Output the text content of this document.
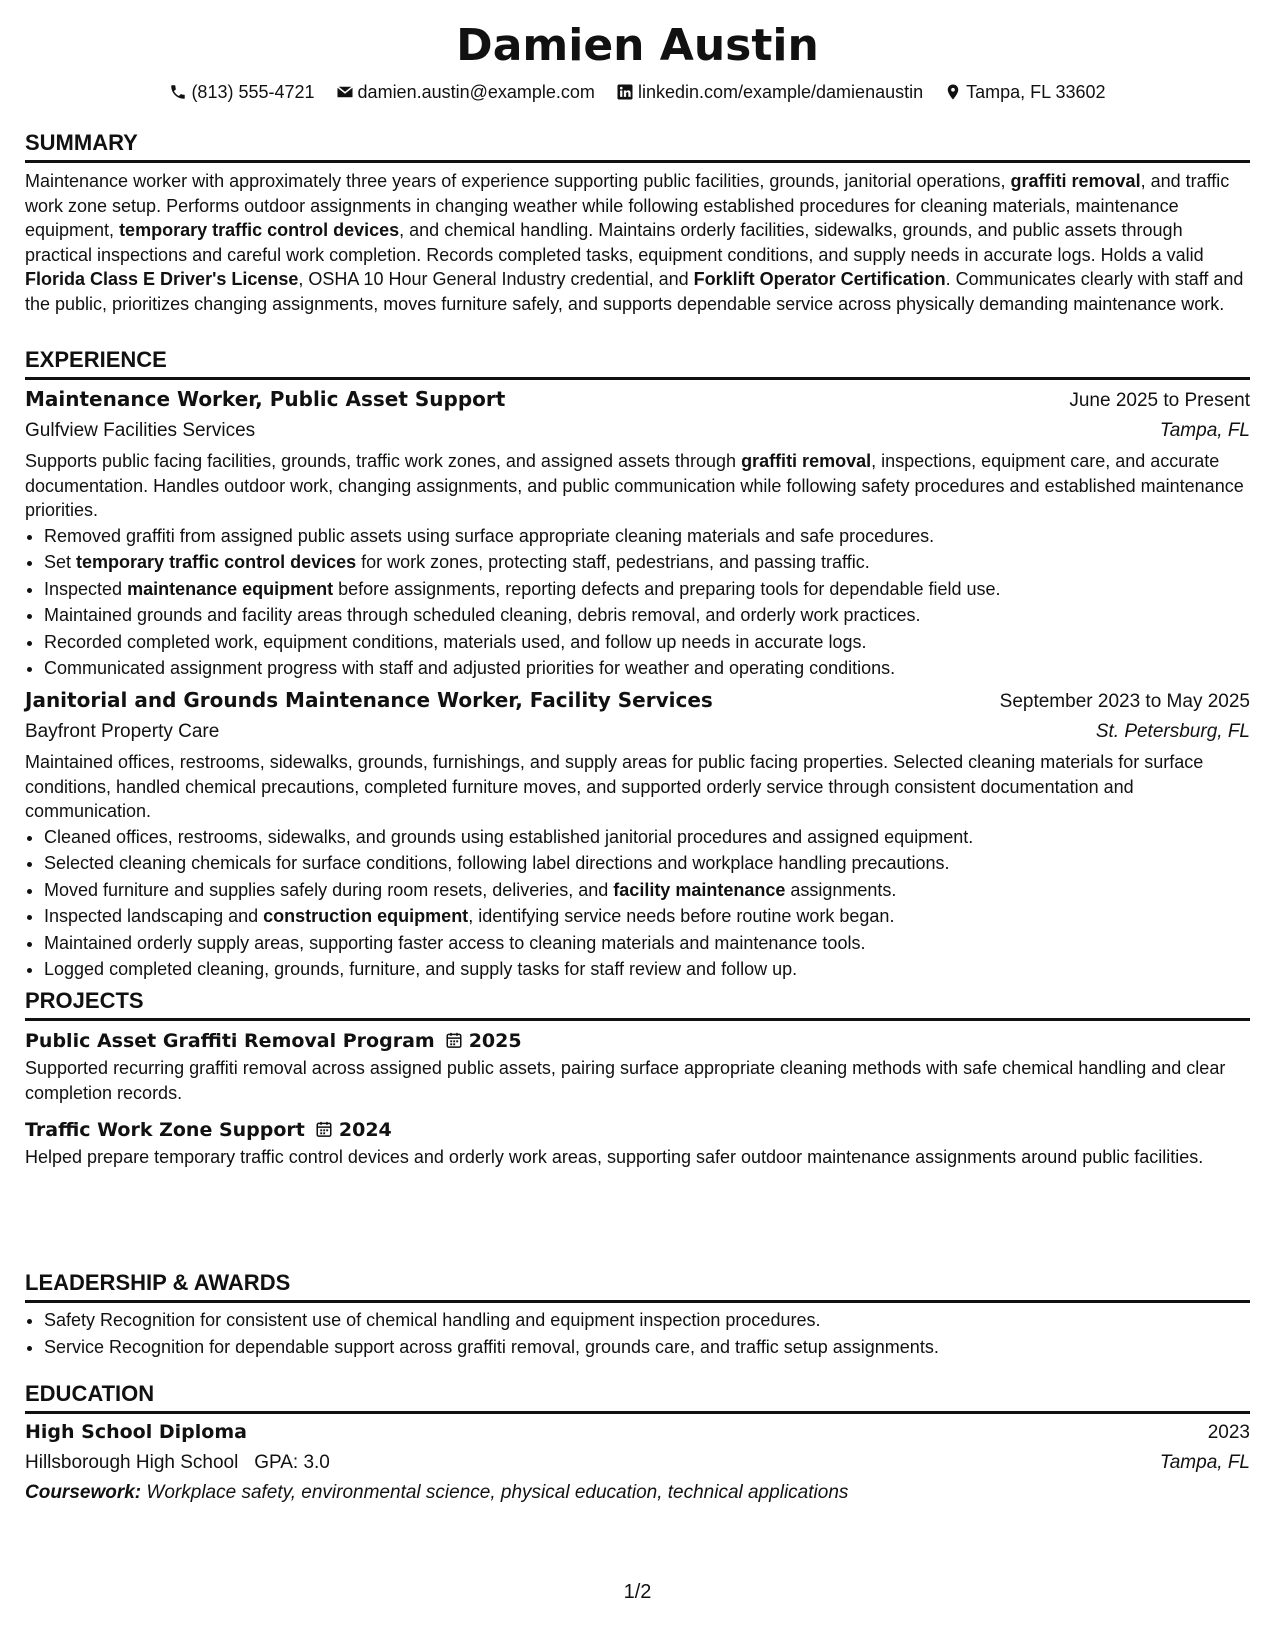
Damien Austin
(813) 555-4721 damien.austin@example.com linkedin.com/example/damienaustin Tampa, FL 33602
SUMMARY

Maintenance worker with approximately three years of experience supporting public facilities, grounds, janitorial operations, graffiti removal, and traffic work zone setup. Performs outdoor assignments in changing weather while following established procedures for cleaning materials, maintenance equipment, temporary traffic control devices, and chemical handling. Maintains orderly facilities, sidewalks, grounds, and public assets through practical inspections and careful work completion. Records completed tasks, equipment conditions, and supply needs in accurate logs. Holds a valid Florida Class E Driver's License, OSHA 10 Hour General Industry credential, and Forklift Operator Certification. Communicates clearly with staff and the public, prioritizes changing assignments, moves furniture safely, and supports dependable service across physically demanding maintenance work.

EXPERIENCE
Maintenance Worker, Public Asset Support	June 2025 to Present
Gulfview Facilities Services	Tampa, FL

Supports public facing facilities, grounds, traffic work zones, and assigned assets through graffiti removal, inspections, equipment care, and accurate documentation. Handles outdoor work, changing assignments, and public communication while following safety procedures and established maintenance priorities.

• Removed graffiti from assigned public assets using surface appropriate cleaning materials and safe procedures.
• Set temporary traffic control devices for work zones, protecting staff, pedestrians, and passing traffic.
• Inspected maintenance equipment before assignments, reporting defects and preparing tools for dependable field use.
• Maintained grounds and facility areas through scheduled cleaning, debris removal, and orderly work practices.
• Recorded completed work, equipment conditions, materials used, and follow up needs in accurate logs.
• Communicated assignment progress with staff and adjusted priorities for weather and operating conditions.
Janitorial and Grounds Maintenance Worker, Facility Services	September 2023 to May 2025
Bayfront Property Care	St. Petersburg, FL

Maintained offices, restrooms, sidewalks, grounds, furnishings, and supply areas for public facing properties. Selected cleaning materials for surface conditions, handled chemical precautions, completed furniture moves, and supported orderly service through consistent documentation and communication.

• Cleaned offices, restrooms, sidewalks, and grounds using established janitorial procedures and assigned equipment.
• Selected cleaning chemicals for surface conditions, following label directions and workplace handling precautions.
• Moved furniture and supplies safely during room resets, deliveries, and facility maintenance assignments.
• Inspected landscaping and construction equipment, identifying service needs before routine work began.
• Maintained orderly supply areas, supporting faster access to cleaning materials and maintenance tools.
• Logged completed cleaning, grounds, furniture, and supply tasks for staff review and follow up.
PROJECTS
Public Asset Graffiti Removal Program 2025

Supported recurring graffiti removal across assigned public assets, pairing surface appropriate cleaning methods with safe chemical handling and clear completion records.

Traffic Work Zone Support 2024

Helped prepare temporary traffic control devices and orderly work areas, supporting safer outdoor maintenance assignments around public facilities.

LEADERSHIP & AWARDS
• Safety Recognition for consistent use of chemical handling and equipment inspection procedures.
• Service Recognition for dependable support across graffiti removal, grounds care, and traffic setup assignments.
EDUCATION
High School Diploma	2023
Hillsborough High School GPA: 3.0	Tampa, FL
Coursework: Workplace safety, environmental science, physical education, technical applications
1/2
